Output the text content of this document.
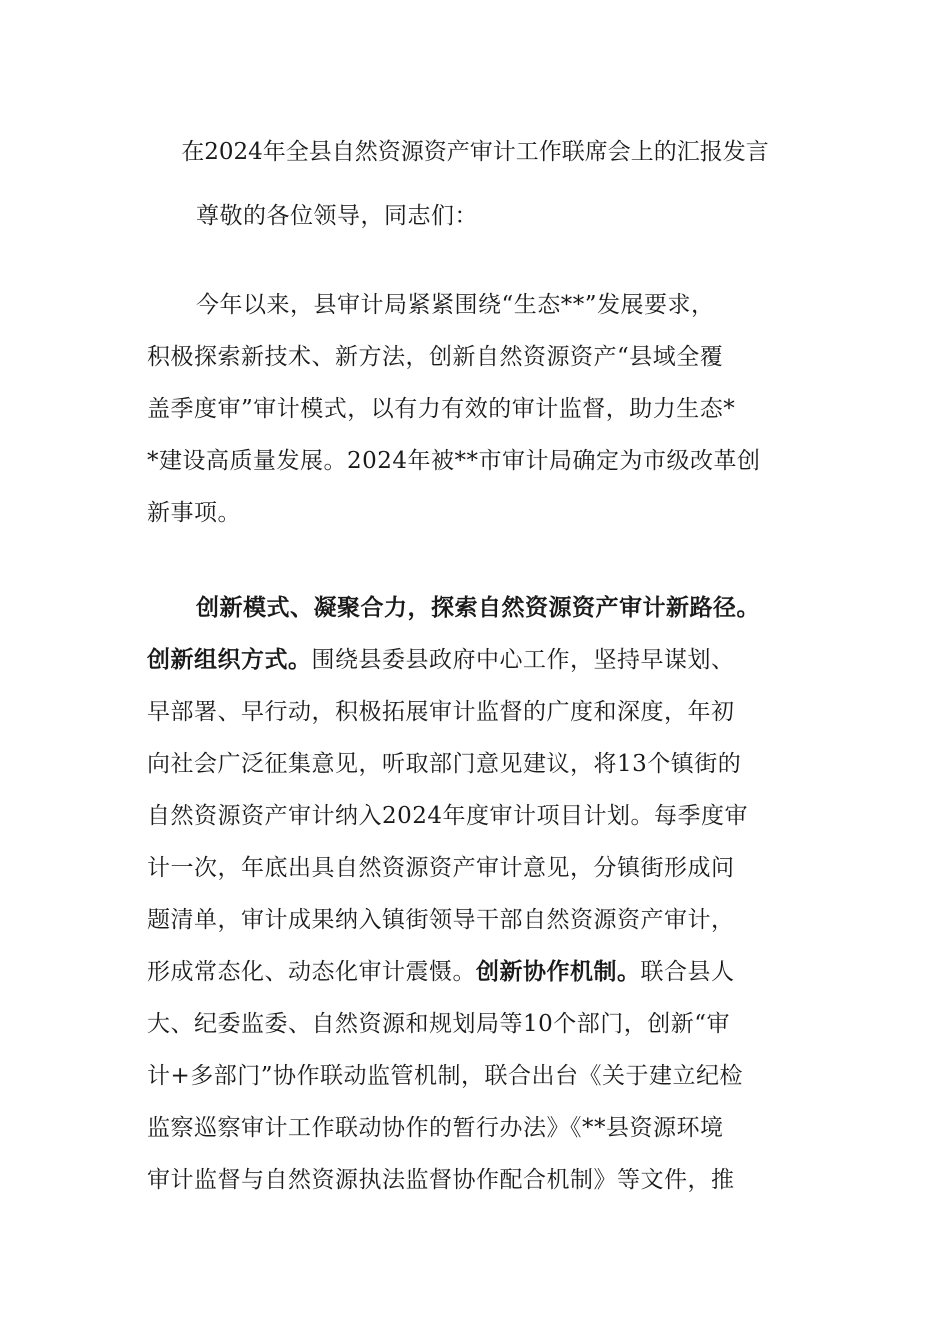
在2024年全县自然资源资产审计工作联席会上的汇报发言
尊敬的各位领导，同志们：
今年以来，县审计局紧紧围绕“生态**”发展要求，
积极探索新技术、新方法，创新自然资源资产“县域全覆
盖季度审”审计模式，以有力有效的审计监督，助力生态*
*建设高质量发展。2024年被**市审计局确定为市级改革创
新事项。
创新模式、凝聚合力，探索自然资源资产审计新路径。
创新组织方式。围绕县委县政府中心工作，坚持早谋划、
早部署、早行动，积极拓展审计监督的广度和深度，年初
向社会广泛征集意见，听取部门意见建议，将13个镇街的
自然资源资产审计纳入2024年度审计项目计划。每季度审
计一次，年底出具自然资源资产审计意见，分镇街形成问
题清单，审计成果纳入镇街领导干部自然资源资产审计，
形成常态化、动态化审计震慑。创新协作机制。联合县人
大、纪委监委、自然资源和规划局等10个部门，创新“审
计+多部门”协作联动监管机制，联合出台《关于建立纪检
监察巡察审计工作联动协作的暂行办法》《**县资源环境
审计监督与自然资源执法监督协作配合机制》等文件，推
